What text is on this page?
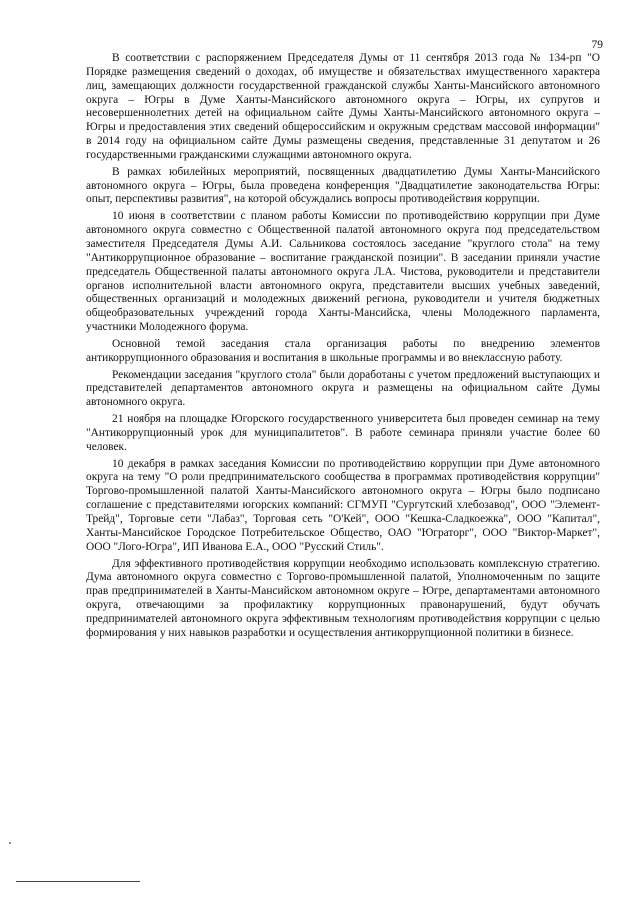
79

В соответствии с распоряжением Председателя Думы от 11 сентября 2013 года № 134-рп "О Порядке размещения сведений о доходах, об имуществе и обязательствах имущественного характера лиц, замещающих должности государственной гражданской службы Ханты-Мансийского автономного округа – Югры в Думе Ханты-Мансийского автономного округа – Югры, их супругов и несовершеннолетних детей на официальном сайте Думы Ханты-Мансийского автономного округа – Югры и предоставления этих сведений общероссийским и окружным средствам массовой информации" в 2014 году на официальном сайте Думы размещены сведения, представленные 31 депутатом и 26 государственными гражданскими служащими автономного округа.

В рамках юбилейных мероприятий, посвященных двадцатилетию Думы Ханты-Мансийского автономного округа – Югры, была проведена конференция "Двадцатилетие законодательства Югры: опыт, перспективы развития", на которой обсуждались вопросы противодействия коррупции.

10 июня в соответствии с планом работы Комиссии по противодействию коррупции при Думе автономного округа совместно с Общественной палатой автономного округа под председательством заместителя Председателя Думы А.И. Сальникова состоялось заседание "круглого стола" на тему "Антикоррупционное образование – воспитание гражданской позиции". В заседании приняли участие председатель Общественной палаты автономного округа Л.А. Чистова, руководители и представители органов исполнительной власти автономного округа, представители высших учебных заведений, общественных организаций и молодежных движений региона, руководители и учителя бюджетных общеобразовательных учреждений города Ханты-Мансийска, члены Молодежного парламента, участники Молодежного форума.

Основной темой заседания стала организация работы по внедрению элементов антикоррупционного образования и воспитания в школьные программы и во внеклассную работу.

Рекомендации заседания "круглого стола" были доработаны с учетом предложений выступающих и представителей департаментов автономного округа и размещены на официальном сайте Думы автономного округа.

21 ноября на площадке Югорского государственного университета был проведен семинар на тему "Антикоррупционный урок для муниципалитетов". В работе семинара приняли участие более 60 человек.

10 декабря в рамках заседания Комиссии по противодействию коррупции при Думе автономного округа на тему "О роли предпринимательского сообщества в программах противодействия коррупции" Торгово-промышленной палатой Ханты-Мансийского автономного округа – Югры было подписано соглашение с представителями югорских компаний: СГМУП "Сургутский хлебозавод", ООО "Элемент-Трейд", Торговые сети "Лабаз", Торговая сеть "О'Кей", ООО "Кешка-Сладкоежка", ООО "Капитал", Ханты-Мансийское Городское Потребительское Общество, ОАО "Юграторг", ООО "Виктор-Маркет", ООО "Лого-Югра", ИП Иванова Е.А., ООО "Русский Стиль".

Для эффективного противодействия коррупции необходимо использовать комплексную стратегию. Дума автономного округа совместно с Торгово-промышленной палатой, Уполномоченным по защите прав предпринимателей в Ханты-Мансийском автономном округе – Югре, департаментами автономного округа, отвечающими за профилактику коррупционных правонарушений, будут обучать предпринимателей автономного округа эффективным технологиям противодействия коррупции с целью формирования у них навыков разработки и осуществления антикоррупционной политики в бизнесе.
